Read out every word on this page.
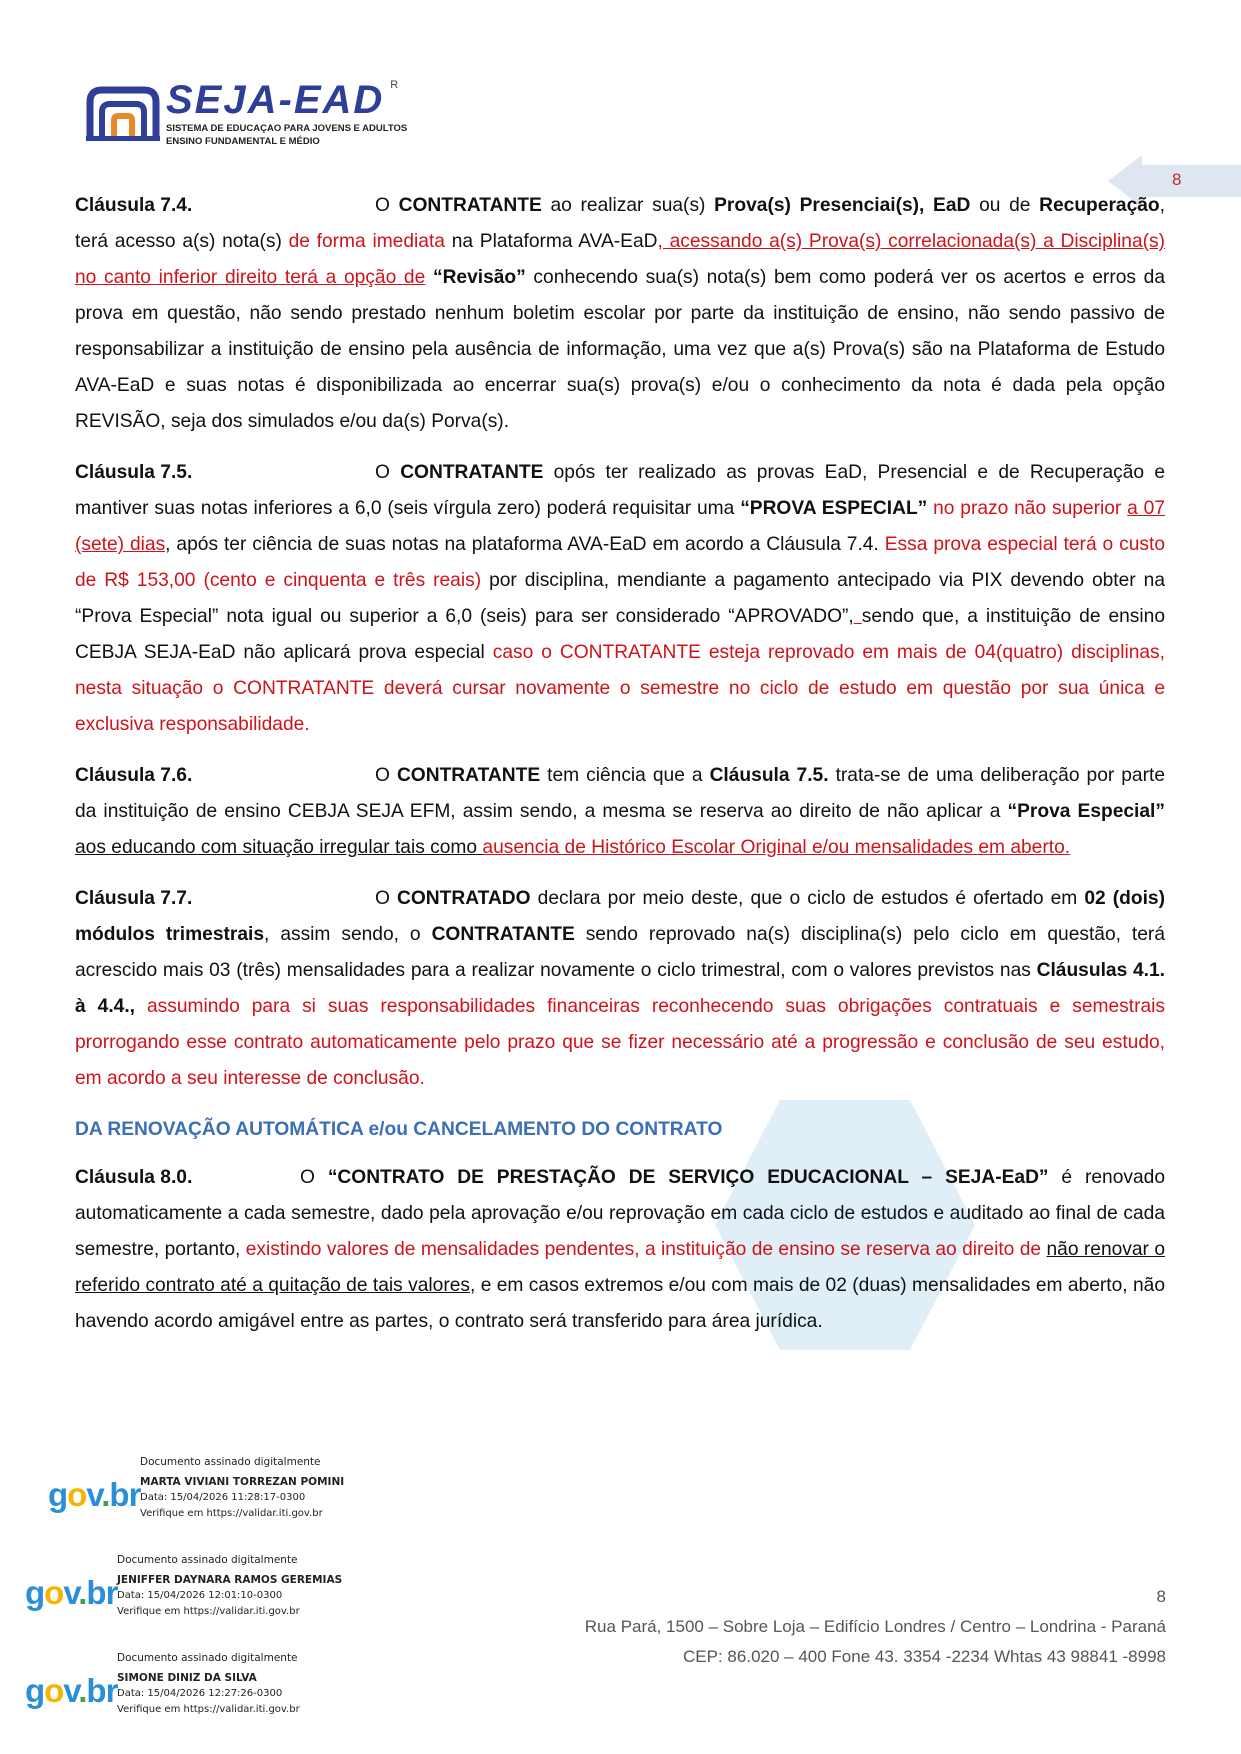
SEJA-EAD R
SISTEMA DE EDUCAÇAO PARA JOVENS E ADULTOS
ENSINO FUNDAMENTAL E MÉDIO
8

Cláusula 7.4.	O CONTRATANTE ao realizar sua(s) Prova(s) Presenciai(s), EaD ou de Recuperação, terá acesso a(s) nota(s) de forma imediata na Plataforma AVA-EaD, acessando a(s) Prova(s) correlacionada(s) a Disciplina(s) no canto inferior direito terá a opção de “Revisão” conhecendo sua(s) nota(s) bem como poderá ver os acertos e erros da prova em questão, não sendo prestado nenhum boletim escolar por parte da instituição de ensino, não sendo passivo de responsabilizar a instituição de ensino pela ausência de informação, uma vez que a(s) Prova(s) são na Plataforma de Estudo AVA-EaD e suas notas é disponibilizada ao encerrar sua(s) prova(s) e/ou o conhecimento da nota é dada pela opção REVISÃO, seja dos simulados e/ou da(s) Porva(s).

Cláusula 7.5.	O CONTRATANTE opós ter realizado as provas EaD, Presencial e de Recuperação e mantiver suas notas inferiores a 6,0 (seis vírgula zero) poderá requisitar uma “PROVA ESPECIAL” no prazo não superior a 07 (sete) dias, após ter ciência de suas notas na plataforma AVA-EaD em acordo a Cláusula 7.4. Essa prova especial terá o custo de R$ 153,00 (cento e cinquenta e três reais) por disciplina, mendiante a pagamento antecipado via PIX devendo obter na “Prova Especial” nota igual ou superior a 6,0 (seis) para ser considerado “APROVADO”, sendo que, a instituição de ensino CEBJA SEJA-EaD não aplicará prova especial caso o CONTRATANTE esteja reprovado em mais de 04(quatro) disciplinas, nesta situação o CONTRATANTE deverá cursar novamente o semestre no ciclo de estudo em questão por sua única e exclusiva responsabilidade.

Cláusula 7.6.	O CONTRATANTE tem ciência que a Cláusula 7.5. trata-se de uma deliberação por parte da instituição de ensino CEBJA SEJA EFM, assim sendo, a mesma se reserva ao direito de não aplicar a “Prova Especial” aos educando com situação irregular tais como ausencia de Histórico Escolar Original e/ou mensalidades em aberto.

Cláusula 7.7.	O CONTRATADO declara por meio deste, que o ciclo de estudos é ofertado em 02 (dois) módulos trimestrais, assim sendo, o CONTRATANTE sendo reprovado na(s) disciplina(s) pelo ciclo em questão, terá acrescido mais 03 (três) mensalidades para a realizar novamente o ciclo trimestral, com o valores previstos nas Cláusulas 4.1. à 4.4., assumindo para si suas responsabilidades financeiras reconhecendo suas obrigações contratuais e semestrais prorrogando esse contrato automaticamente pelo prazo que se fizer necessário até a progressão e conclusão de seu estudo, em acordo a seu interesse de conclusão.

DA RENOVAÇÃO AUTOMÁTICA e/ou CANCELAMENTO DO CONTRATO

Cláusula 8.0.	O “CONTRATO DE PRESTAÇÃO DE SERVIÇO EDUCACIONAL – SEJA-EaD” é renovado automaticamente a cada semestre, dado pela aprovação e/ou reprovação em cada ciclo de estudos e auditado ao final de cada semestre, portanto, existindo valores de mensalidades pendentes, a instituição de ensino se reserva ao direito de não renovar o referido contrato até a quitação de tais valores, e em casos extremos e/ou com mais de 02 (duas) mensalidades em aberto, não havendo acordo amigável entre as partes, o contrato será transferido para área jurídica.

gov.br
Documento assinado digitalmente
MARTA VIVIANI TORREZAN POMINI
Data: 15/04/2026 11:28:17-0300
Verifique em https://validar.iti.gov.br
gov.br
Documento assinado digitalmente
JENIFFER DAYNARA RAMOS GEREMIAS
Data: 15/04/2026 12:01:10-0300
Verifique em https://validar.iti.gov.br
gov.br
Documento assinado digitalmente
SIMONE DINIZ DA SILVA
Data: 15/04/2026 12:27:26-0300
Verifique em https://validar.iti.gov.br
8
Rua Pará, 1500 – Sobre Loja – Edifício Londres / Centro – Londrina - Paraná
CEP: 86.020 – 400 Fone 43. 3354 -2234 Whtas 43 98841 -8998
